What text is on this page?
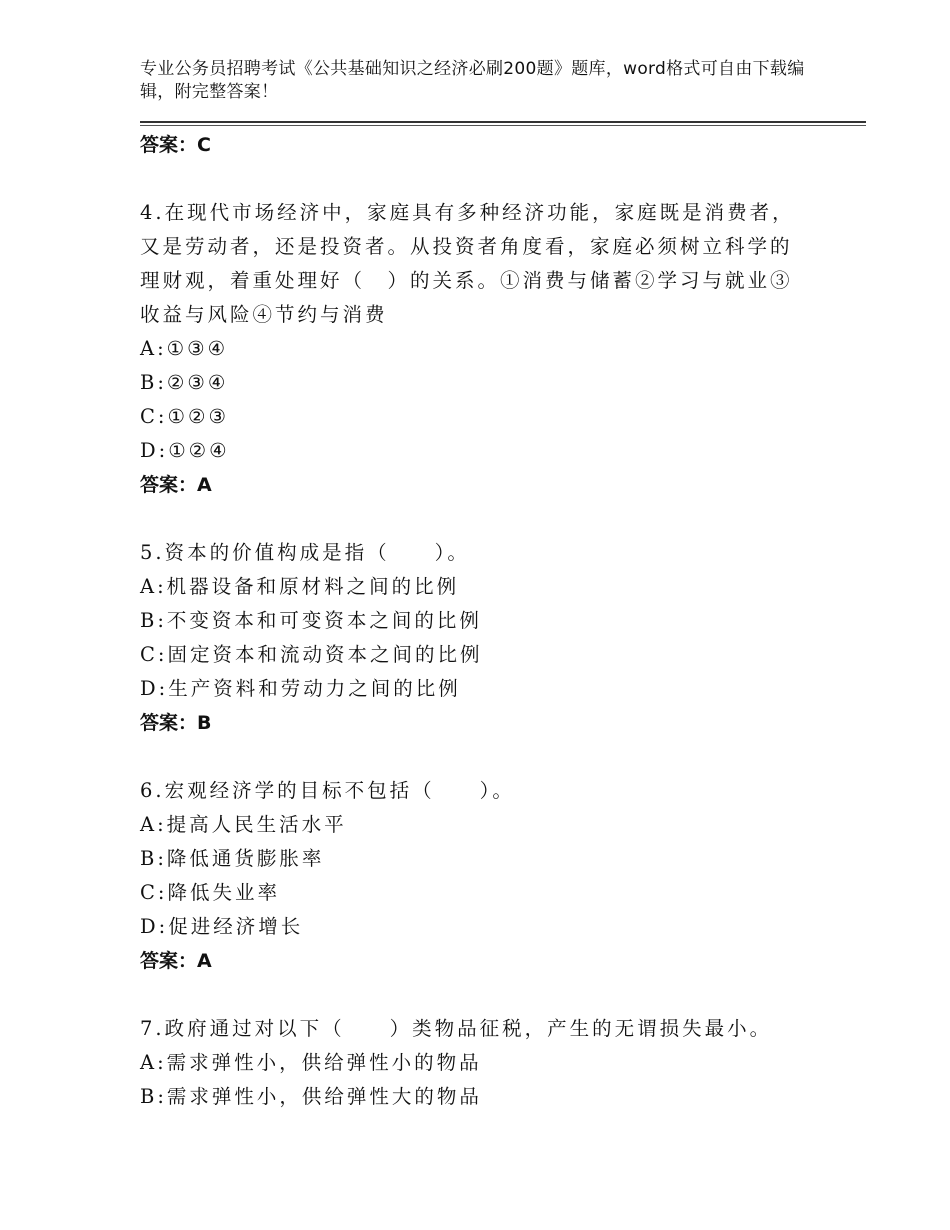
专业公务员招聘考试《公共基础知识之经济必刷200题》题库，word格式可自由下载编辑，附完整答案！
答案：C
4.在现代市场经济中，家庭具有多种经济功能，家庭既是消费者，又是劳动者，还是投资者。从投资者角度看，家庭必须树立科学的理财观，着重处理好（　）的关系。①消费与储蓄②学习与就业③收益与风险④节约与消费
A:①③④
B:②③④
C:①②③
D:①②④
答案：A
5.资本的价值构成是指（　　）。
A:机器设备和原材料之间的比例
B:不变资本和可变资本之间的比例
C:固定资本和流动资本之间的比例
D:生产资料和劳动力之间的比例
答案：B
6.宏观经济学的目标不包括（　　）。
A:提高人民生活水平
B:降低通货膨胀率
C:降低失业率
D:促进经济增长
答案：A
7.政府通过对以下（　　）类物品征税，产生的无谓损失最小。
A:需求弹性小，供给弹性小的物品
B:需求弹性小，供给弹性大的物品
